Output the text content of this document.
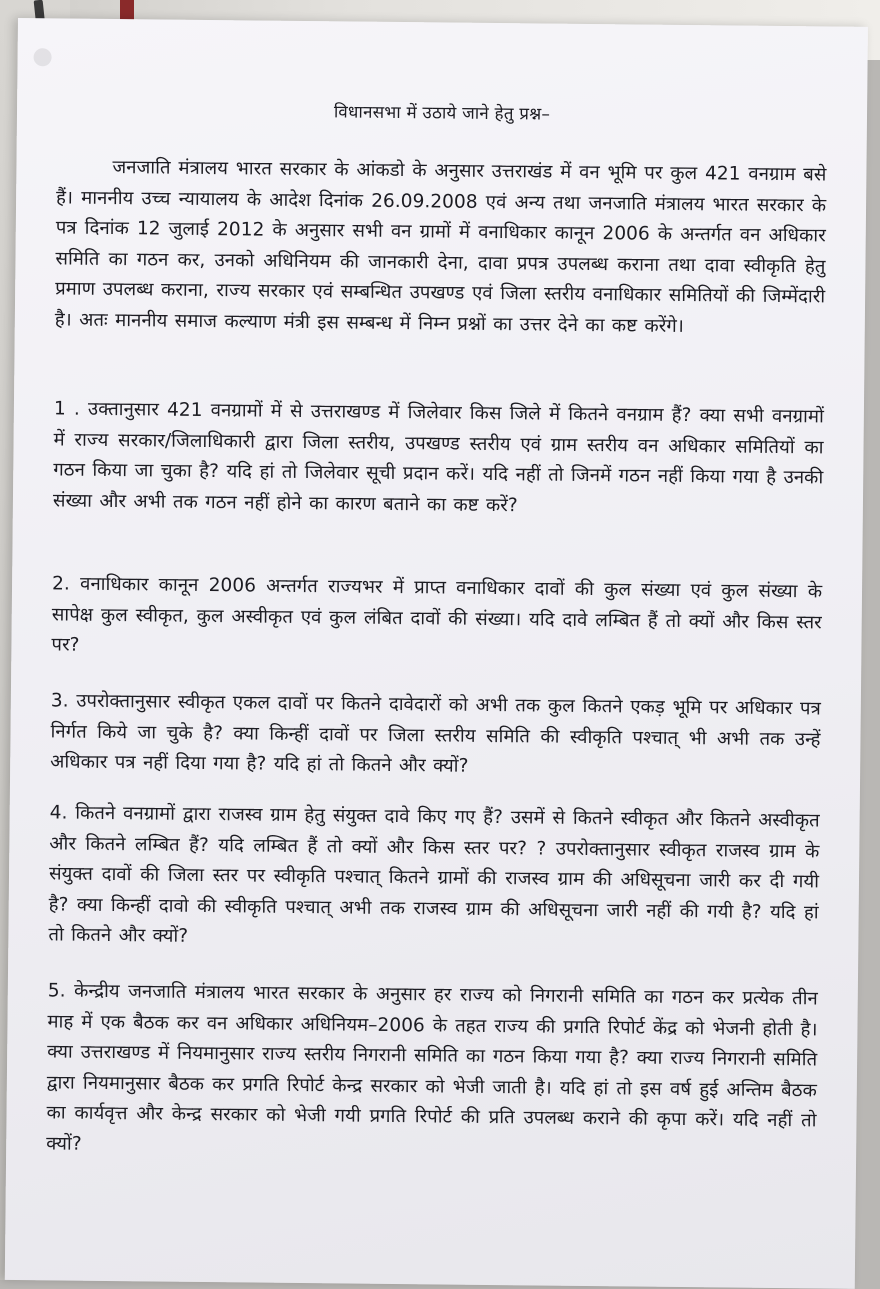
विधानसभा में उठाये जाने हेतु प्रश्न–
जनजाति मंत्रालय भारत सरकार के आंकडो के अनुसार उत्तराखंड में वन भूमि पर कुल 421 वनग्राम बसे हैं। माननीय उच्च न्यायालय के आदेश दिनांक 26.09.2008 एवं अन्य तथा जनजाति मंत्रालय भारत सरकार के पत्र दिनांक 12 जुलाई 2012 के अनुसार सभी वन ग्रामों में वनाधिकार कानून 2006 के अन्तर्गत वन अधिकार समिति का गठन कर, उनको अधिनियम की जानकारी देना, दावा प्रपत्र उपलब्ध कराना तथा दावा स्वीकृति हेतु प्रमाण उपलब्ध कराना, राज्य सरकार एवं सम्बन्धित उपखण्ड एवं जिला स्तरीय वनाधिकार समितियों की जिम्मेंदारी है। अतः माननीय समाज कल्याण मंत्री इस सम्बन्ध में निम्न प्रश्नों का उत्तर देने का कष्ट करेंगे।
1 . उक्तानुसार 421 वनग्रामों में से उत्तराखण्ड में जिलेवार किस जिले में कितने वनग्राम हैं? क्या सभी वनग्रामों में राज्य सरकार/जिलाधिकारी द्वारा जिला स्तरीय, उपखण्ड स्तरीय एवं ग्राम स्तरीय वन अधिकार समितियों का गठन किया जा चुका है? यदि हां तो जिलेवार सूची प्रदान करें। यदि नहीं तो जिनमें गठन नहीं किया गया है उनकी संख्या और अभी तक गठन नहीं होने का कारण बताने का कष्ट करें?
2. वनाधिकार कानून 2006 अन्तर्गत राज्यभर में प्राप्त वनाधिकार दावों की कुल संख्या एवं कुल संख्या के सापेक्ष कुल स्वीकृत, कुल अस्वीकृत एवं कुल लंबित दावों की संख्या। यदि दावे लम्बित हैं तो क्यों और किस स्तर पर?
3. उपरोक्तानुसार स्वीकृत एकल दावों पर कितने दावेदारों को अभी तक कुल कितने एकड़ भूमि पर अधिकार पत्र निर्गत किये जा चुके है? क्या किन्हीं दावों पर जिला स्तरीय समिति की स्वीकृति पश्चात् भी अभी तक उन्हें अधिकार पत्र नहीं दिया गया है? यदि हां तो कितने और क्यों?
4. कितने वनग्रामों द्वारा राजस्व ग्राम हेतु संयुक्त दावे किए गए हैं? उसमें से कितने स्वीकृत और कितने अस्वीकृत और कितने लम्बित हैं? यदि लम्बित हैं तो क्यों और किस स्तर पर? ? उपरोक्तानुसार स्वीकृत राजस्व ग्राम के संयुक्त दावों की जिला स्तर पर स्वीकृति पश्चात् कितने ग्रामों की राजस्व ग्राम की अधिसूचना जारी कर दी गयी है? क्या किन्हीं दावो की स्वीकृति पश्चात् अभी तक राजस्व ग्राम की अधिसूचना जारी नहीं की गयी है? यदि हां तो कितने और क्यों?
5. केन्द्रीय जनजाति मंत्रालय भारत सरकार के अनुसार हर राज्य को निगरानी समिति का गठन कर प्रत्येक तीन माह में एक बैठक कर वन अधिकार अधिनियम–2006 के तहत राज्य की प्रगति रिपोर्ट केंद्र को भेजनी होती है। क्या उत्तराखण्ड में नियमानुसार राज्य स्तरीय निगरानी समिति का गठन किया गया है? क्या राज्य निगरानी समिति द्वारा नियमानुसार बैठक कर प्रगति रिपोर्ट केन्द्र सरकार को भेजी जाती है। यदि हां तो इस वर्ष हुई अन्तिम बैठक का कार्यवृत्त और केन्द्र सरकार को भेजी गयी प्रगति रिपोर्ट की प्रति उपलब्ध कराने की कृपा करें। यदि नहीं तो क्यों?
